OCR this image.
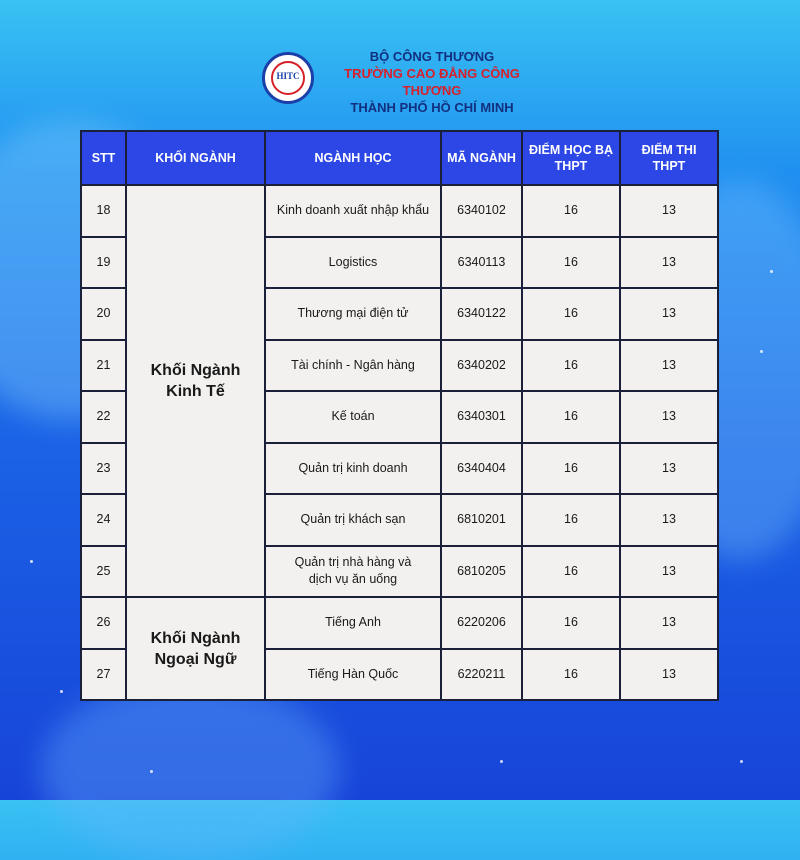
HITC
BỘ CÔNG THƯƠNG
TRƯỜNG CAO ĐẲNG CÔNG THƯƠNG
THÀNH PHỐ HỒ CHÍ MINH
STT	KHỐI NGÀNH	NGÀNH HỌC	MÃ NGÀNH	ĐIỂM HỌC BẠ THPT	ĐIỂM THI THPT
18	Khối Ngành Kinh Tế	Kinh doanh xuất nhập khẩu	6340102	16	13
19		Logistics	6340113	16	13
20		Thương mại điện tử	6340122	16	13
21		Tài chính - Ngân hàng	6340202	16	13
22		Kế toán	6340301	16	13
23		Quản trị kinh doanh	6340404	16	13
24		Quản trị khách sạn	6810201	16	13
25		Quản trị nhà hàng và dịch vụ ăn uống	6810205	16	13
26	Khối Ngành Ngoại Ngữ	Tiếng Anh	6220206	16	13
27		Tiếng Hàn Quốc	6220211	16	13
